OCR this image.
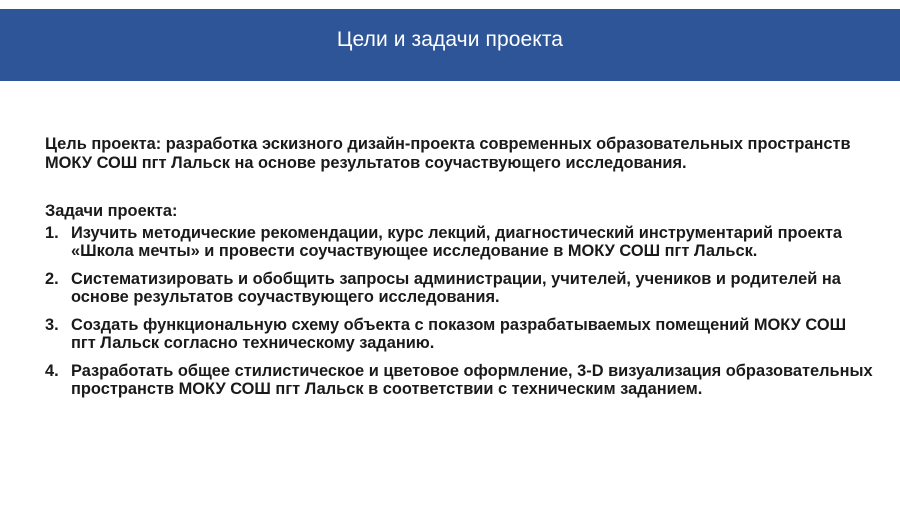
Цели и задачи проекта

Цель проекта: разработка эскизного дизайн-проекта современных образовательных пространств МОКУ СОШ пгт Лальск на основе результатов соучаствующего исследования.

Задачи проекта:

1. Изучить методические рекомендации, курс лекций, диагностический инструментарий проекта «Школа мечты» и провести соучаствующее исследование в МОКУ СОШ пгт Лальск.
2. Систематизировать и обобщить запросы администрации, учителей, учеников и родителей на основе результатов соучаствующего исследования.
3. Создать функциональную схему объекта с показом разрабатываемых помещений МОКУ СОШ пгт Лальск согласно техническому заданию.
4. Разработать общее стилистическое и цветовое оформление, 3-D визуализация образовательных пространств МОКУ СОШ пгт Лальск в соответствии с техническим заданием.
